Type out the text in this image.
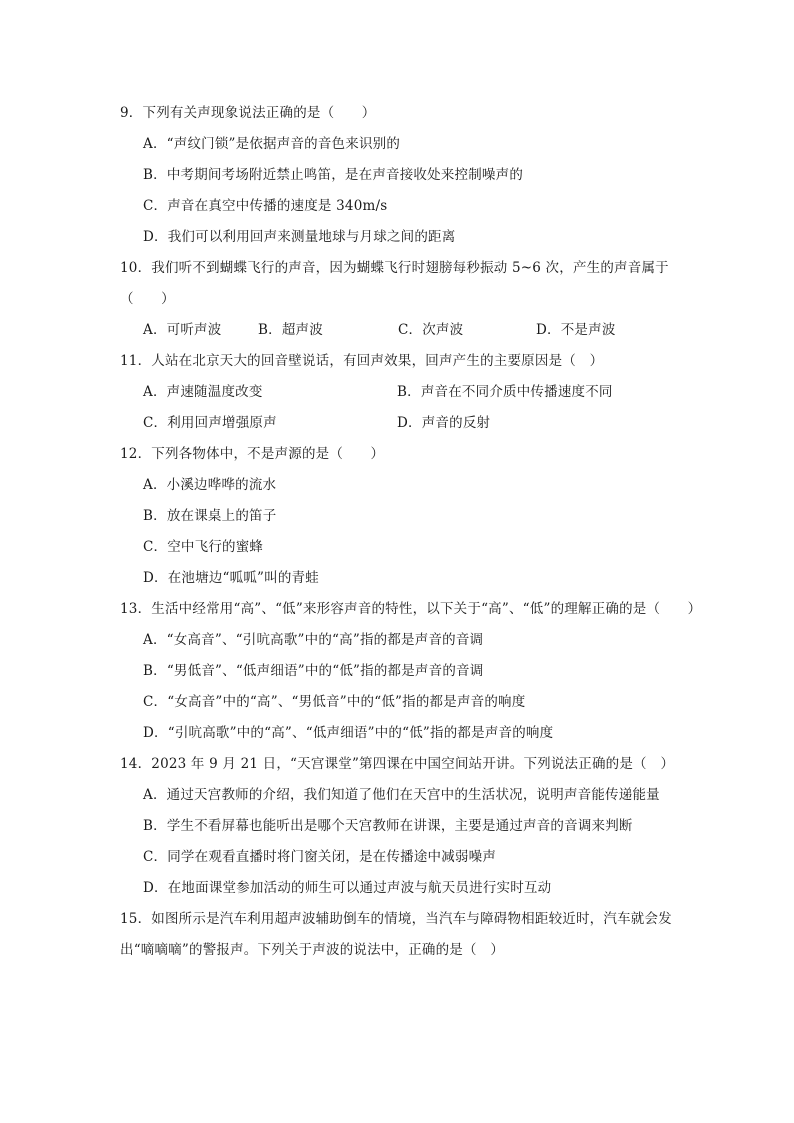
9．下列有关声现象说法正确的是（　　）
A．“声纹门锁”是依据声音的音色来识别的
B．中考期间考场附近禁止鸣笛，是在声音接收处来控制噪声的
C．声音在真空中传播的速度是 340m/s
D．我们可以利用回声来测量地球与月球之间的距离
10．我们听不到蝴蝶飞行的声音，因为蝴蝶飞行时翅膀每秒振动 5~6 次，产生的声音属于
（　　）
A．可听声波	B．超声波	C．次声波	D．不是声波
11．人站在北京天大的回音壁说话，有回声效果，回声产生的主要原因是（　）
A．声速随温度改变	B．声音在不同介质中传播速度不同
C．利用回声增强原声	D．声音的反射
12．下列各物体中，不是声源的是（　　）
A．小溪边哗哗的流水
B．放在课桌上的笛子
C．空中飞行的蜜蜂
D．在池塘边“呱呱”叫的青蛙
13．生活中经常用“高”、“低”来形容声音的特性，以下关于“高”、“低”的理解正确的是（　　）
A．“女高音”、“引吭高歌”中的“高”指的都是声音的音调
B．“男低音”、“低声细语”中的“低”指的都是声音的音调
C．“女高音”中的“高”、“男低音”中的“低”指的都是声音的响度
D．“引吭高歌”中的“高”、“低声细语”中的“低”指的都是声音的响度
14．2023 年 9 月 21 日，“天宫课堂”第四课在中国空间站开讲。下列说法正确的是（　）
A．通过天宫教师的介绍，我们知道了他们在天宫中的生活状况，说明声音能传递能量
B．学生不看屏幕也能听出是哪个天宫教师在讲课，主要是通过声音的音调来判断
C．同学在观看直播时将门窗关闭，是在传播途中减弱噪声
D．在地面课堂参加活动的师生可以通过声波与航天员进行实时互动
15．如图所示是汽车利用超声波辅助倒车的情境，当汽车与障碍物相距较近时，汽车就会发
出“嘀嘀嘀”的警报声。下列关于声波的说法中，正确的是（　）
